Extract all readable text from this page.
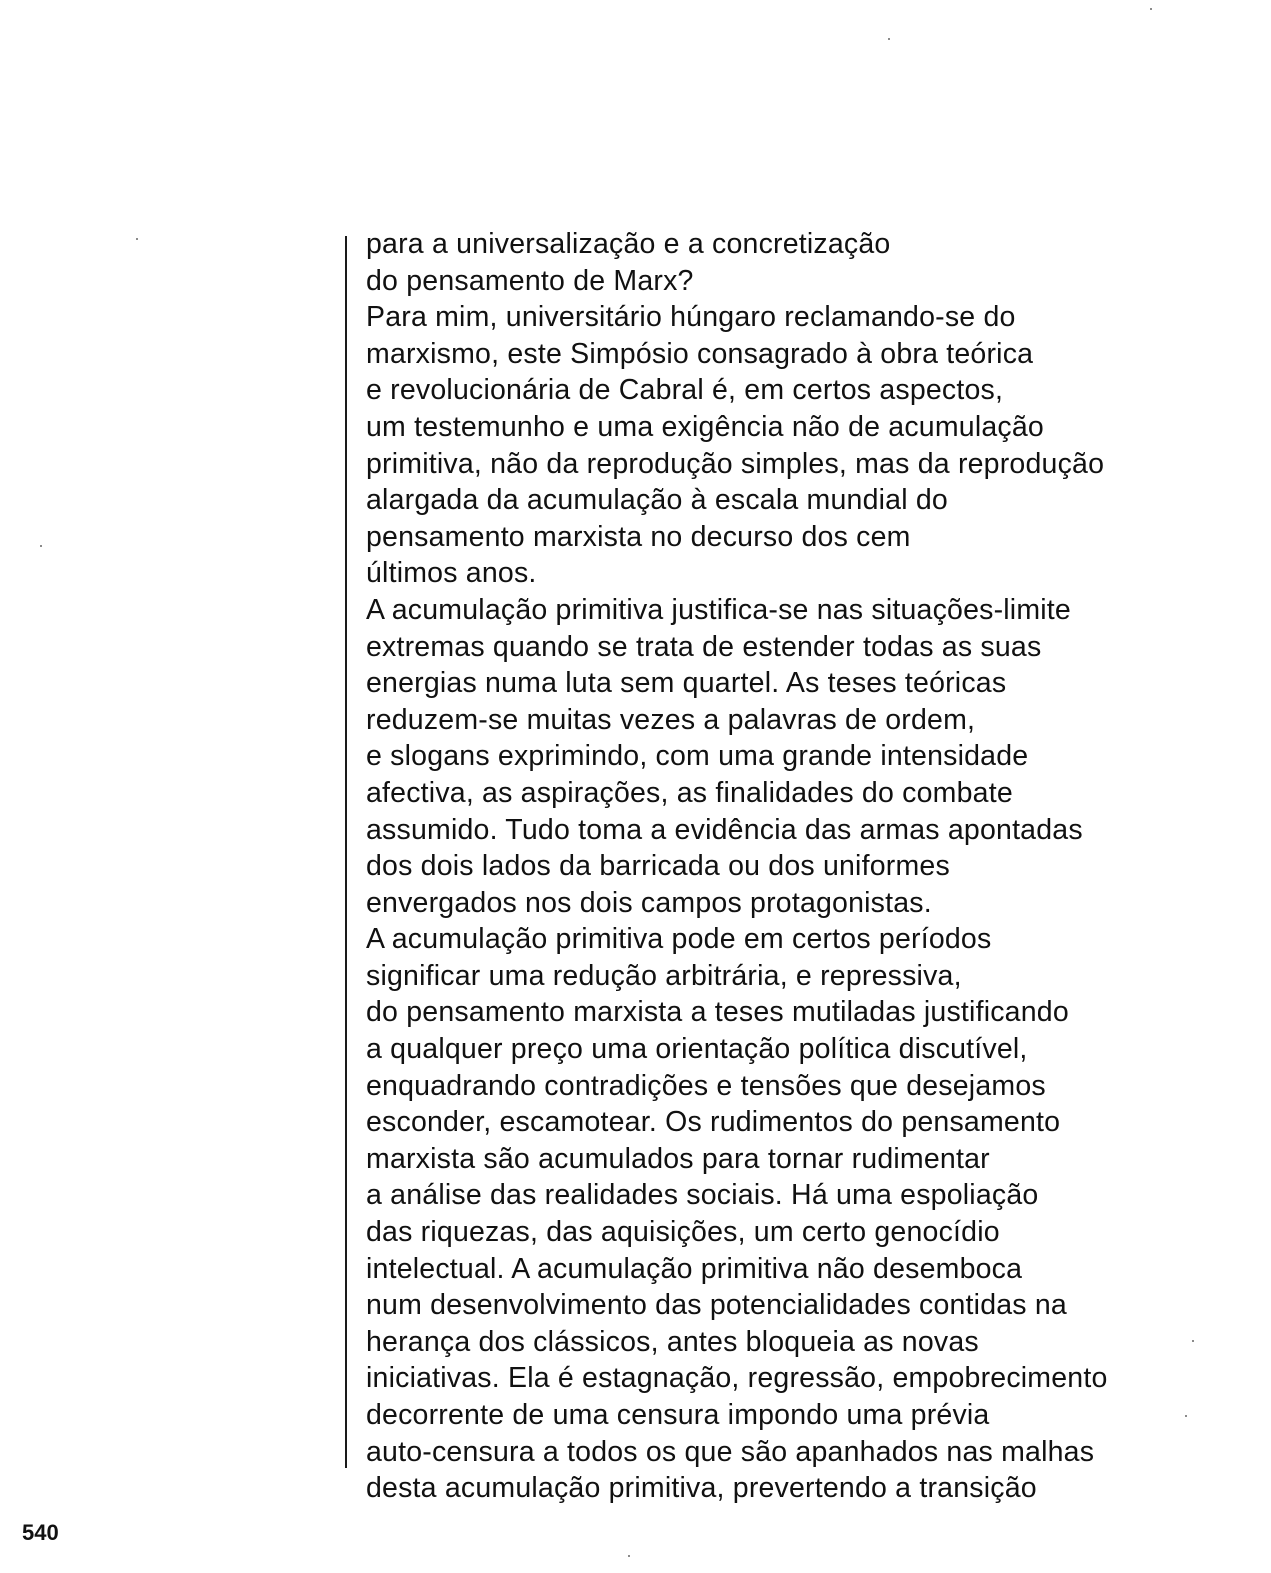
para a universalização e a concretização
do pensamento de Marx?
Para mim, universitário húngaro reclamando-se do
marxismo, este Simpósio consagrado à obra teórica
e revolucionária de Cabral é, em certos aspectos,
um testemunho e uma exigência não de acumulação
primitiva, não da reprodução simples, mas da reprodução
alargada da acumulação à escala mundial do
pensamento marxista no decurso dos cem
últimos anos.
A acumulação primitiva justifica-se nas situações-limite
extremas quando se trata de estender todas as suas
energias numa luta sem quartel. As teses teóricas
reduzem-se muitas vezes a palavras de ordem,
e slogans exprimindo, com uma grande intensidade
afectiva, as aspirações, as finalidades do combate
assumido. Tudo toma a evidência das armas apontadas
dos dois lados da barricada ou dos uniformes
envergados nos dois campos protagonistas.
A acumulação primitiva pode em certos períodos
significar uma redução arbitrária, e repressiva,
do pensamento marxista a teses mutiladas justificando
a qualquer preço uma orientação política discutível,
enquadrando contradições e tensões que desejamos
esconder, escamotear. Os rudimentos do pensamento
marxista são acumulados para tornar rudimentar
a análise das realidades sociais. Há uma espoliação
das riquezas, das aquisições, um certo genocídio
intelectual. A acumulação primitiva não desemboca
num desenvolvimento das potencialidades contidas na
herança dos clássicos, antes bloqueia as novas
iniciativas. Ela é estagnação, regressão, empobrecimento
decorrente de uma censura impondo uma prévia
auto-censura a todos os que são apanhados nas malhas
desta acumulação primitiva, prevertendo a transição
540
